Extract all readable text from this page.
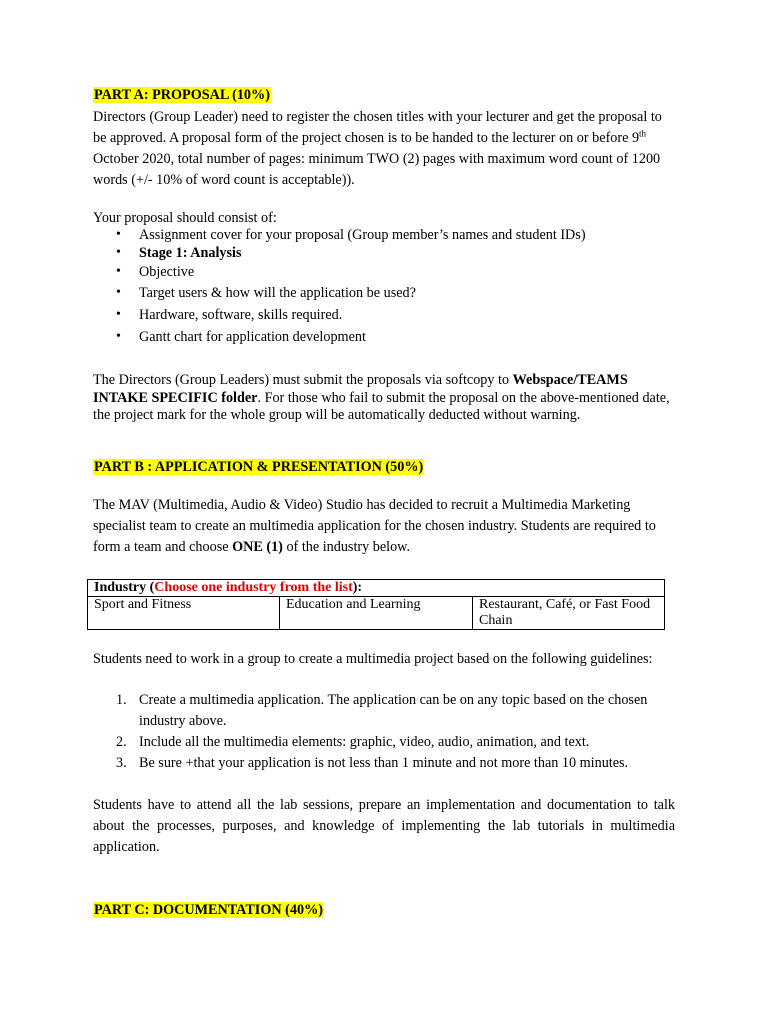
PART A: PROPOSAL (10%)

Directors (Group Leader) need to register the chosen titles with your lecturer and get the proposal to be approved. A proposal form of the project chosen is to be handed to the lecturer on or before 9th October 2020, total number of pages: minimum TWO (2) pages with maximum word count of 1200 words (+/- 10% of word count is acceptable)).

Your proposal should consist of:

• Assignment cover for your proposal (Group member’s names and student IDs)
• Stage 1: Analysis
• Objective
• Target users & how will the application be used?
• Hardware, software, skills required.
• Gantt chart for application development

The Directors (Group Leaders) must submit the proposals via softcopy to Webspace/TEAMS INTAKE SPECIFIC folder. For those who fail to submit the proposal on the above-mentioned date, the project mark for the whole group will be automatically deducted without warning.

PART B : APPLICATION & PRESENTATION (50%)

The MAV (Multimedia, Audio & Video) Studio has decided to recruit a Multimedia Marketing specialist team to create an multimedia application for the chosen industry. Students are required to form a team and choose ONE (1) of the industry below.

Industry (Choose one industry from the list):
Sport and Fitness	Education and Learning	Restaurant, Café, or Fast Food Chain

Students need to work in a group to create a multimedia project based on the following guidelines:

1. Create a multimedia application. The application can be on any topic based on the chosen industry above.
2. Include all the multimedia elements: graphic, video, audio, animation, and text.
3. Be sure +that your application is not less than 1 minute and not more than 10 minutes.

Students have to attend all the lab sessions, prepare an implementation and documentation to talk about the processes, purposes, and knowledge of implementing the lab tutorials in multimedia application.

PART C: DOCUMENTATION (40%)
